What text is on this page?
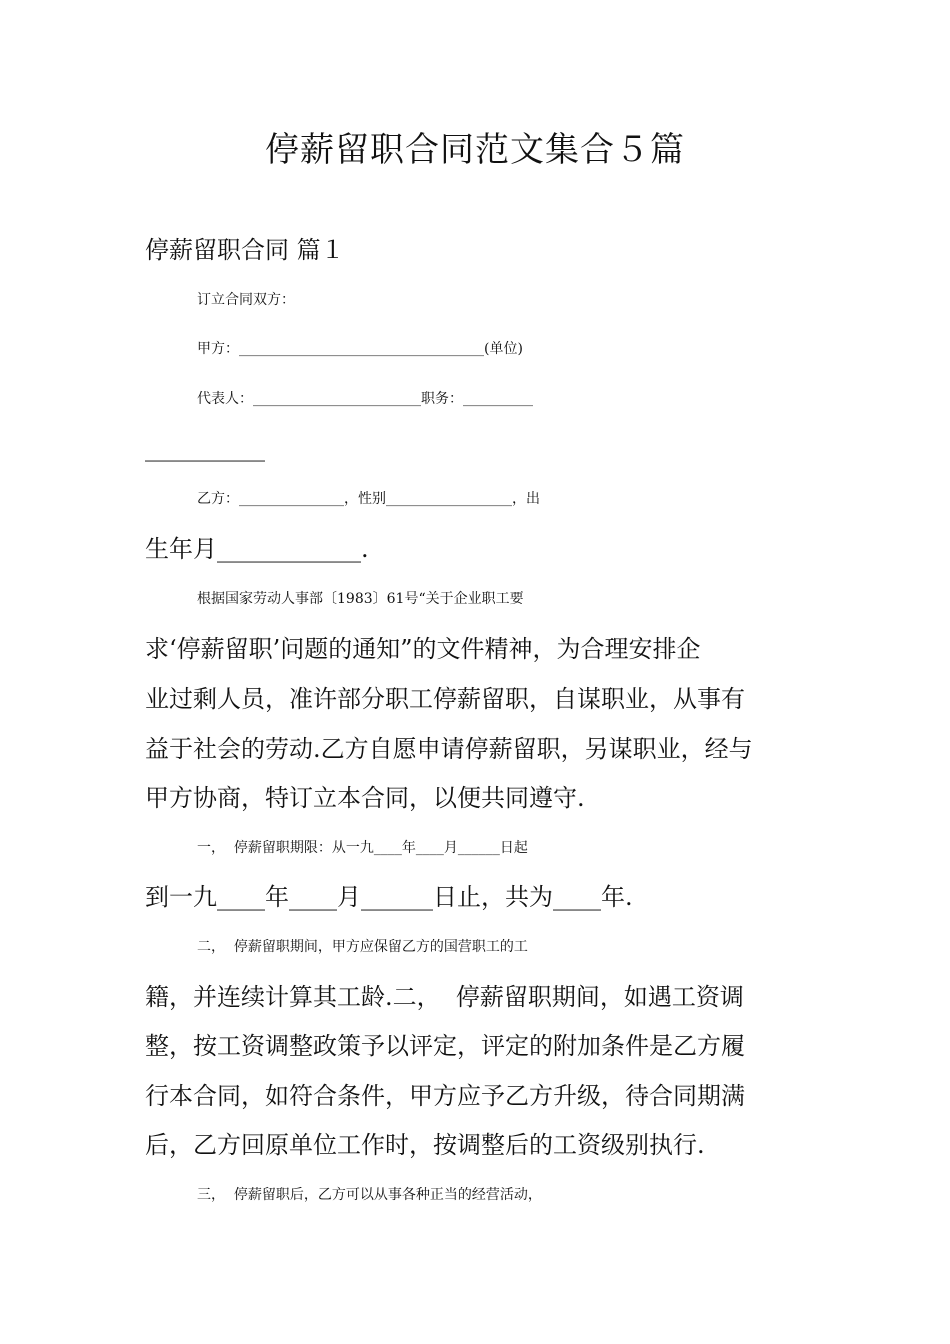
停薪留职合同范文集合５篇

停薪留职合同 篇１

订立合同双方：

甲方：___________________________________(单位)

代表人：________________________职务：__________

__________

乙方：_______________，性别__________________，出

生年月____________.

根据国家劳动人事部〔1983〕61号“关于企业职工要

求‘停薪留职’问题的通知”的文件精神，为合理安排企

业过剩人员，准许部分职工停薪留职，自谋职业，从事有

益于社会的劳动.乙方自愿申请停薪留职，另谋职业，经与

甲方协商，特订立本合同，以便共同遵守.

一，  停薪留职期限：从一九____年____月______日起

到一九____年____月______日止，共为____年.

二，  停薪留职期间，甲方应保留乙方的国营职工的工

籍，并连续计算其工龄.二，  停薪留职期间，如遇工资调

整，按工资调整政策予以评定，评定的附加条件是乙方履

行本合同，如符合条件，甲方应予乙方升级，待合同期满

后，乙方回原单位工作时，按调整后的工资级别执行.

三，  停薪留职后，乙方可以从事各种正当的经营活动，
